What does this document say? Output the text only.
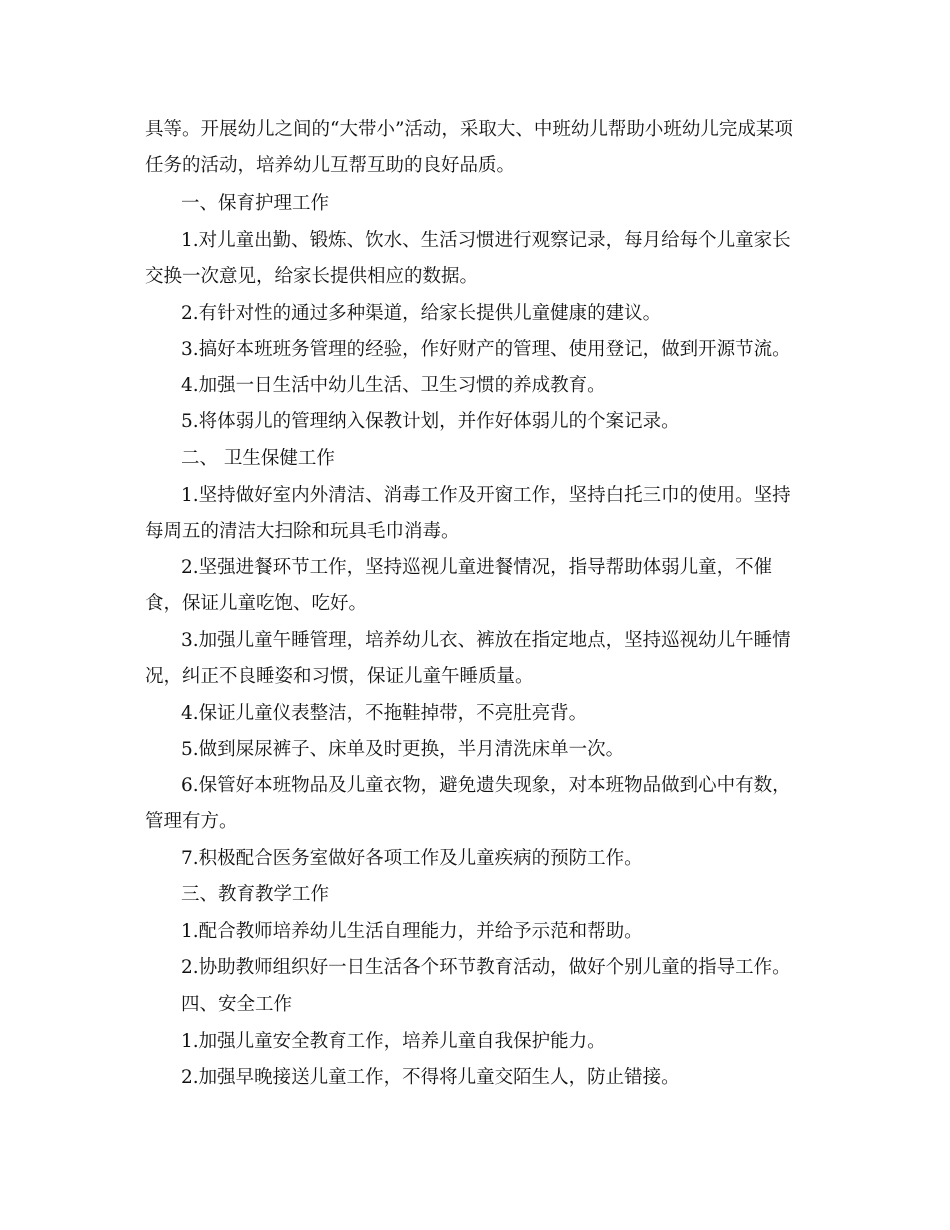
具等。开展幼儿之间的“大带小”活动，采取大、中班幼儿帮助小班幼儿完成某项
任务的活动，培养幼儿互帮互助的良好品质。
一、保育护理工作
1.对儿童出勤、锻炼、饮水、生活习惯进行观察记录，每月给每个儿童家长
交换一次意见，给家长提供相应的数据。
2.有针对性的通过多种渠道，给家长提供儿童健康的建议。
3.搞好本班班务管理的经验，作好财产的管理、使用登记，做到开源节流。
4.加强一日生活中幼儿生活、卫生习惯的养成教育。
5.将体弱儿的管理纳入保教计划，并作好体弱儿的个案记录。
二、 卫生保健工作
1.坚持做好室内外清洁、消毒工作及开窗工作，坚持白托三巾的使用。坚持
每周五的清洁大扫除和玩具毛巾消毒。
2.坚强进餐环节工作，坚持巡视儿童进餐情况，指导帮助体弱儿童，不催
食，保证儿童吃饱、吃好。
3.加强儿童午睡管理，培养幼儿衣、裤放在指定地点，坚持巡视幼儿午睡情
况，纠正不良睡姿和习惯，保证儿童午睡质量。
4.保证儿童仪表整洁，不拖鞋掉带，不亮肚亮背。
5.做到屎尿裤子、床单及时更换，半月清洗床单一次。
6.保管好本班物品及儿童衣物，避免遗失现象，对本班物品做到心中有数，
管理有方。
7.积极配合医务室做好各项工作及儿童疾病的预防工作。
三、教育教学工作
1.配合教师培养幼儿生活自理能力，并给予示范和帮助。
2.协助教师组织好一日生活各个环节教育活动，做好个别儿童的指导工作。
四、安全工作
1.加强儿童安全教育工作，培养儿童自我保护能力。
2.加强早晚接送儿童工作，不得将儿童交陌生人，防止错接。
